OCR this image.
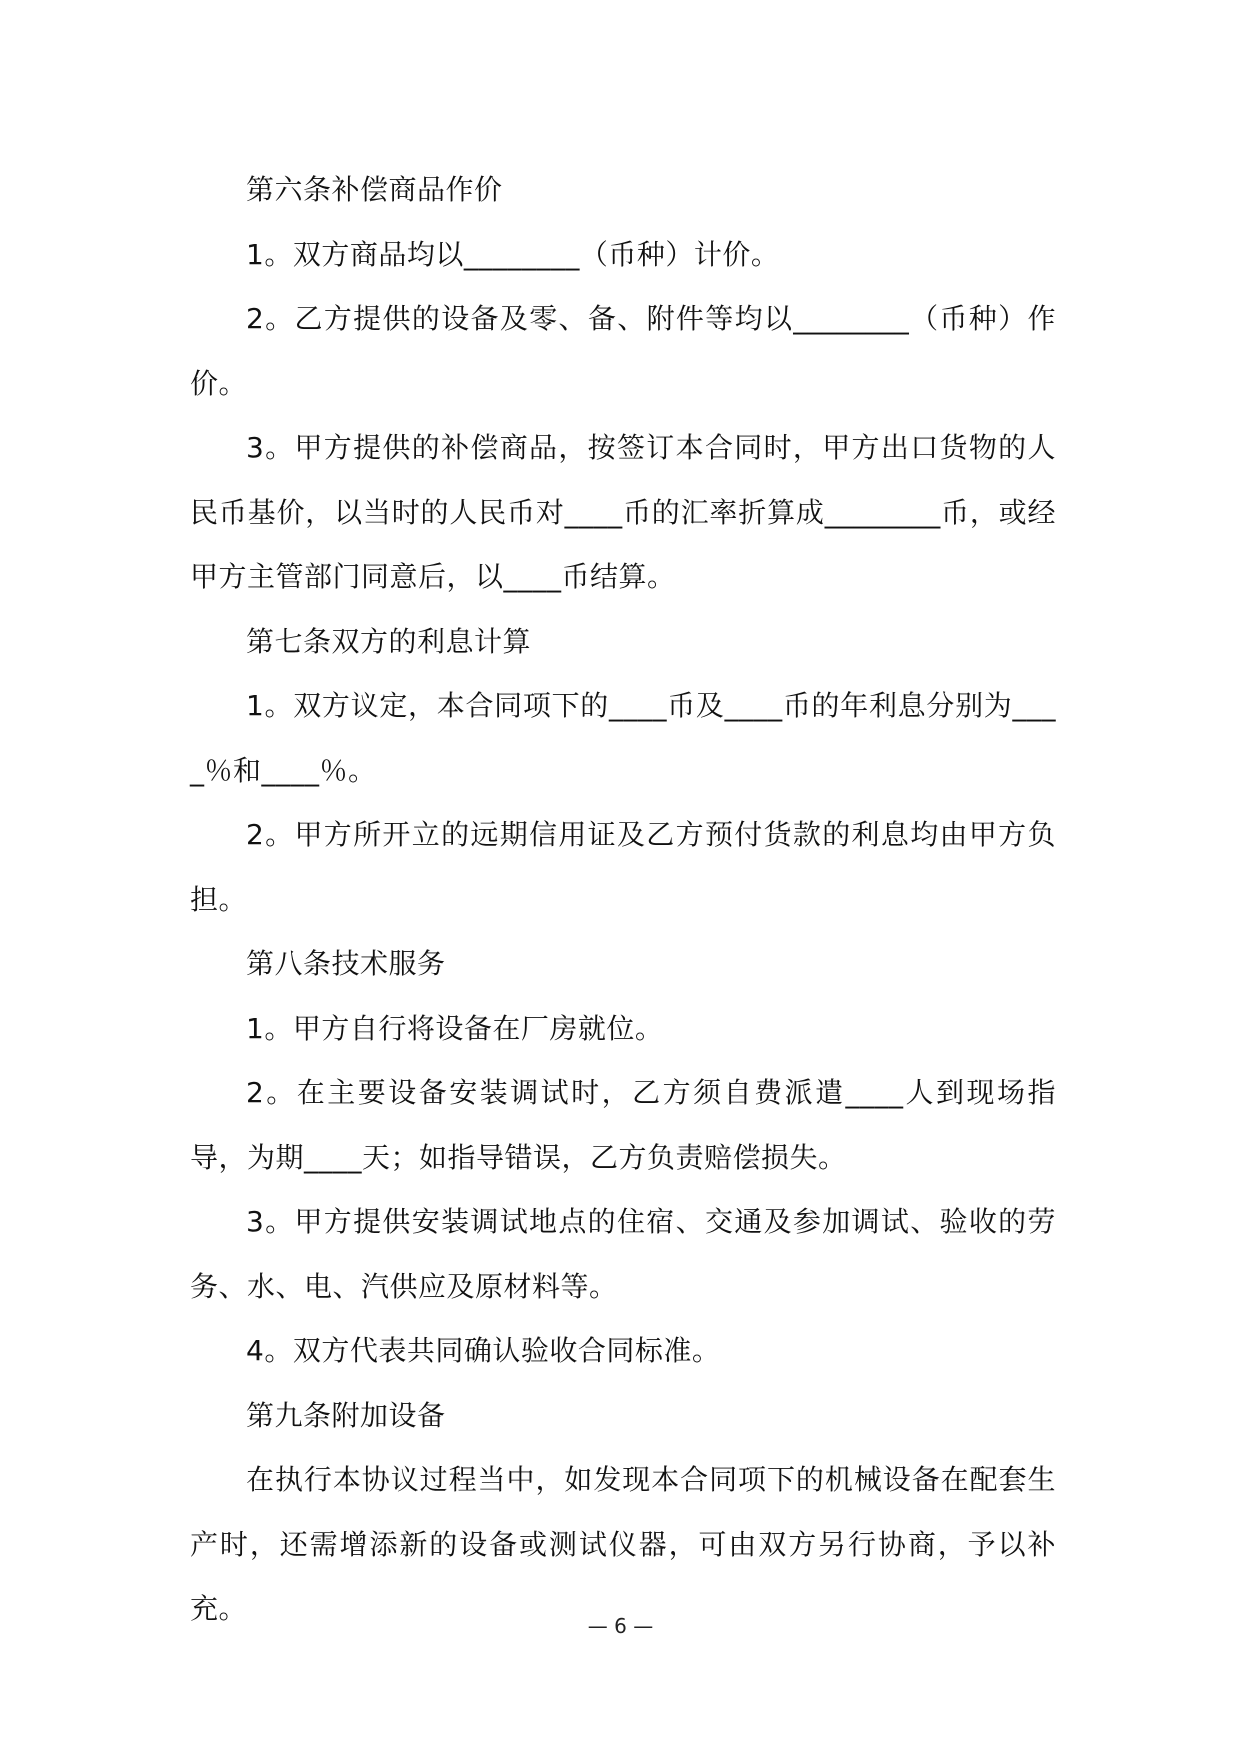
第六条补偿商品作价

1。双方商品均以________（币种）计价。

2。乙方提供的设备及零、备、附件等均以________（币种）作价。

3。甲方提供的补偿商品，按签订本合同时，甲方出口货物的人民币基价，以当时的人民币对____币的汇率折算成________币，或经甲方主管部门同意后，以____币结算。

第七条双方的利息计算

1。双方议定，本合同项下的____币及____币的年利息分别为____％和____％。

2。甲方所开立的远期信用证及乙方预付货款的利息均由甲方负担。

第八条技术服务

1。甲方自行将设备在厂房就位。

2。在主要设备安装调试时，乙方须自费派遣____人到现场指导，为期____天；如指导错误，乙方负责赔偿损失。

3。甲方提供安装调试地点的住宿、交通及参加调试、验收的劳务、水、电、汽供应及原材料等。

4。双方代表共同确认验收合同标准。

第九条附加设备

在执行本协议过程当中，如发现本合同项下的机械设备在配套生产时，还需增添新的设备或测试仪器，可由双方另行协商，予以补充。

— 6 —
